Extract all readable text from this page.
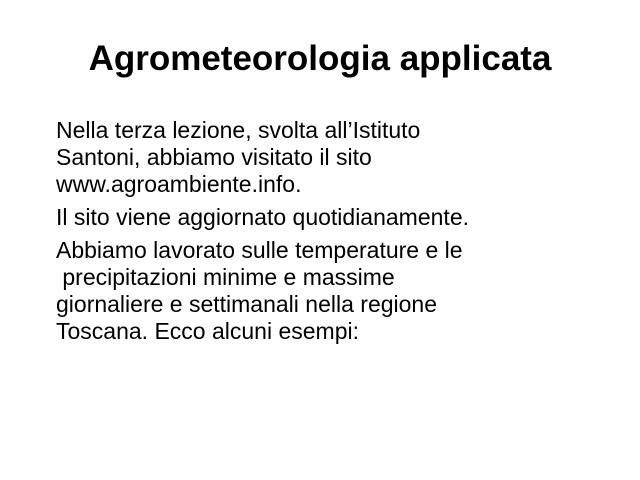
Agrometeorologia applicata

Nella terza lezione, svolta all’Istituto
Santoni, abbiamo visitato il sito
www.agroambiente.info.

Il sito viene aggiornato quotidianamente.

Abbiamo lavorato sulle temperature e le
precipitazioni minime e massime
giornaliere e settimanali nella regione
Toscana. Ecco alcuni esempi:
